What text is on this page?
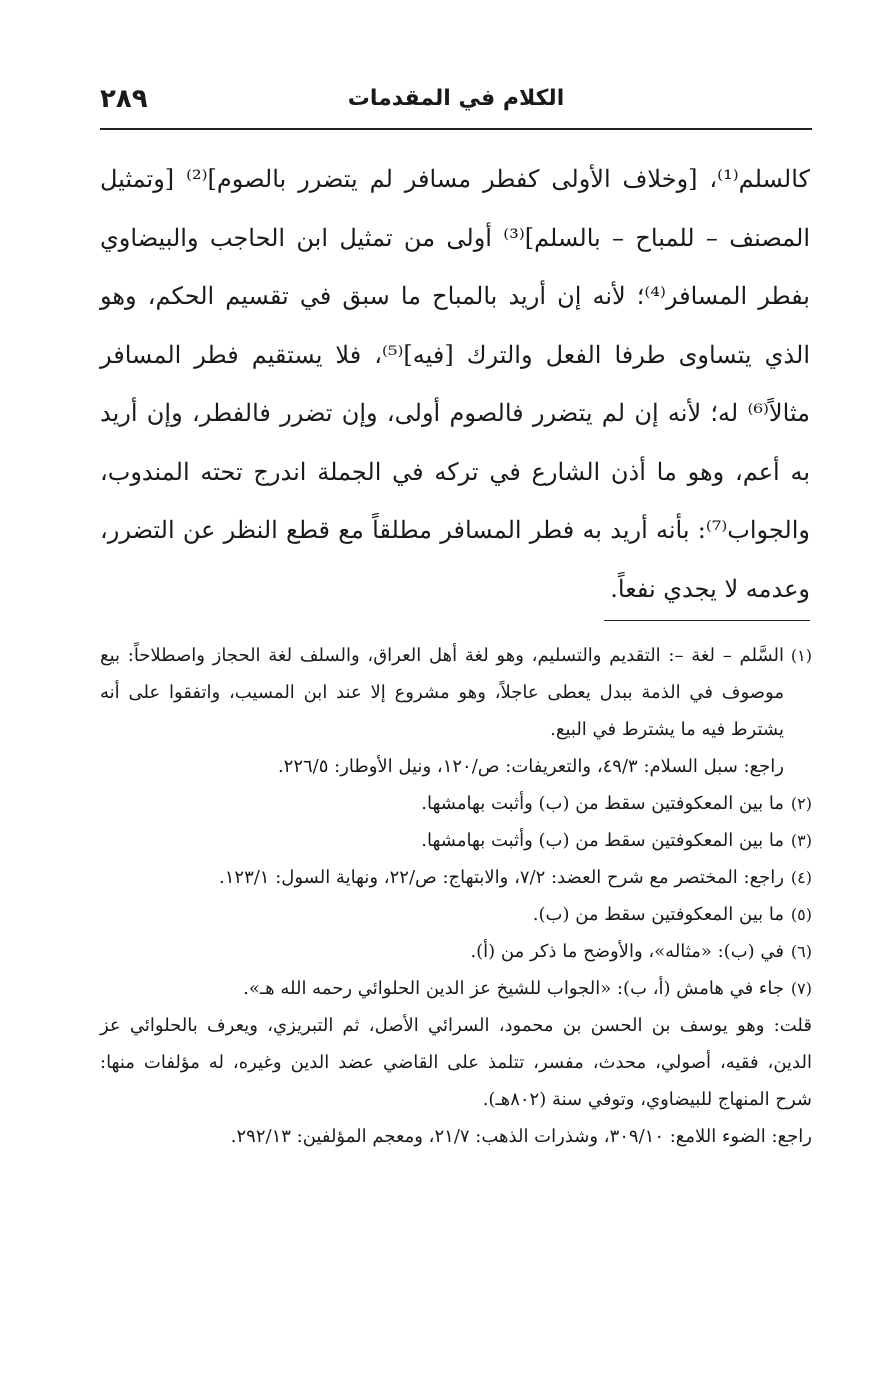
الكلام في المقدمات
٢٨٩

كالسلم⁽¹⁾، [وخلاف الأولى كفطر مسافر لم يتضرر بالصوم]⁽²⁾ [وتمثيل المصنف – للمباح – بالسلم]⁽³⁾ أولى من تمثيل ابن الحاجب والبيضاوي بفطر المسافر⁽⁴⁾؛ لأنه إن أريد بالمباح ما سبق في تقسيم الحكم، وهو الذي يتساوى طرفا الفعل والترك [فيه]⁽⁵⁾، فلا يستقيم فطر المسافر مثالاً⁽⁶⁾ له؛ لأنه إن لم يتضرر فالصوم أولى، وإن تضرر فالفطر، وإن أريد به أعم، وهو ما أذن الشارع في تركه في الجملة اندرج تحته المندوب، والجواب⁽⁷⁾: بأنه أريد به فطر المسافر مطلقاً مع قطع النظر عن التضرر، وعدمه لا يجدي نفعاً.

(١)السَّلم – لغة –: التقديم والتسليم، وهو لغة أهل العراق، والسلف لغة الحجاز واصطلاحاً: بيع موصوف في الذمة ببدل يعطى عاجلاً، وهو مشروع إلا عند ابن المسيب، واتفقوا على أنه يشترط فيه ما يشترط في البيع.

راجع: سبل السلام: ٤٩/٣، والتعريفات: ص/١٢٠، ونيل الأوطار: ٢٢٦/٥.

(٢)ما بين المعكوفتين سقط من (ب) وأثبت بهامشها.

(٣)ما بين المعكوفتين سقط من (ب) وأثبت بهامشها.

(٤)راجع: المختصر مع شرح العضد: ٧/٢، والابتهاج: ص/٢٢، ونهاية السول: ١٢٣/١.

(٥)ما بين المعكوفتين سقط من (ب).

(٦)في (ب): «مثاله»، والأوضح ما ذكر من (أ).

(٧)جاء في هامش (أ، ب): «الجواب للشيخ عز الدين الحلوائي رحمه الله هـ».

قلت: وهو يوسف بن الحسن بن محمود، السرائي الأصل، ثم التبريزي، ويعرف بالحلوائي عز الدين، فقيه، أصولي، محدث، مفسر، تتلمذ على القاضي عضد الدين وغيره، له مؤلفات منها: شرح المنهاج للبيضاوي، وتوفي سنة (٨٠٢هـ).

راجع: الضوء اللامع: ٣٠٩/١٠، وشذرات الذهب: ٢١/٧، ومعجم المؤلفين: ٢٩٢/١٣.
